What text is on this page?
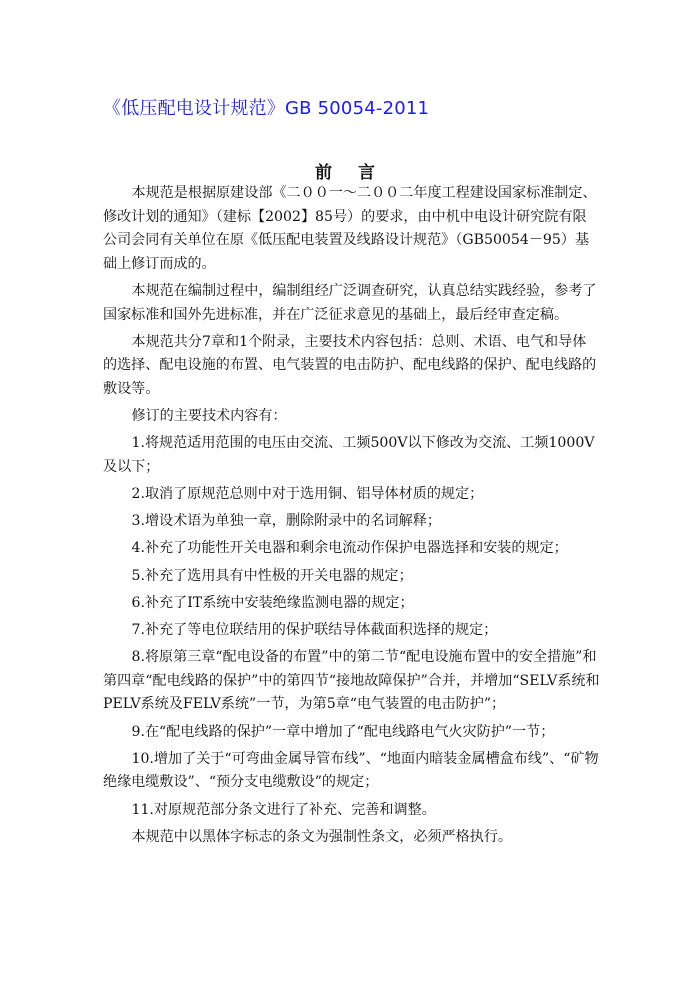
《低压配电设计规范》GB 50054-2011
前 言

本规范是根据原建设部《二００一～二００二年度工程建设国家标准制定、修改计划的通知》（建标【2002】85号）的要求，由中机中电设计研究院有限公司会同有关单位在原《低压配电装置及线路设计规范》（GB50054－95）基础上修订而成的。

本规范在编制过程中，编制组经广泛调查研究，认真总结实践经验，参考了国家标准和国外先进标准，并在广泛征求意见的基础上，最后经审查定稿。

本规范共分7章和1个附录，主要技术内容包括：总则、术语、电气和导体的选择、配电设施的布置、电气装置的电击防护、配电线路的保护、配电线路的敷设等。

修订的主要技术内容有：

1.将规范适用范围的电压由交流、工频500V以下修改为交流、工频1000V及以下；

2.取消了原规范总则中对于选用铜、铝导体材质的规定；

3.增设术语为单独一章，删除附录中的名词解释；

4.补充了功能性开关电器和剩余电流动作保护电器选择和安装的规定；

5.补充了选用具有中性极的开关电器的规定；

6.补充了IT系统中安装绝缘监测电器的规定；

7.补充了等电位联结用的保护联结导体截面积选择的规定；

8.将原第三章“配电设备的布置”中的第二节“配电设施布置中的安全措施”和第四章“配电线路的保护”中的第四节“接地故障保护”合并，并增加“SELV系统和PELV系统及FELV系统”一节，为第5章“电气装置的电击防护”；

9.在“配电线路的保护”一章中增加了“配电线路电气火灾防护”一节；

10.增加了关于“可弯曲金属导管布线”、“地面内暗装金属槽盒布线”、“矿物绝缘电缆敷设”、“预分支电缆敷设”的规定；

11.对原规范部分条文进行了补充、完善和调整。

本规范中以黑体字标志的条文为强制性条文，必须严格执行。
